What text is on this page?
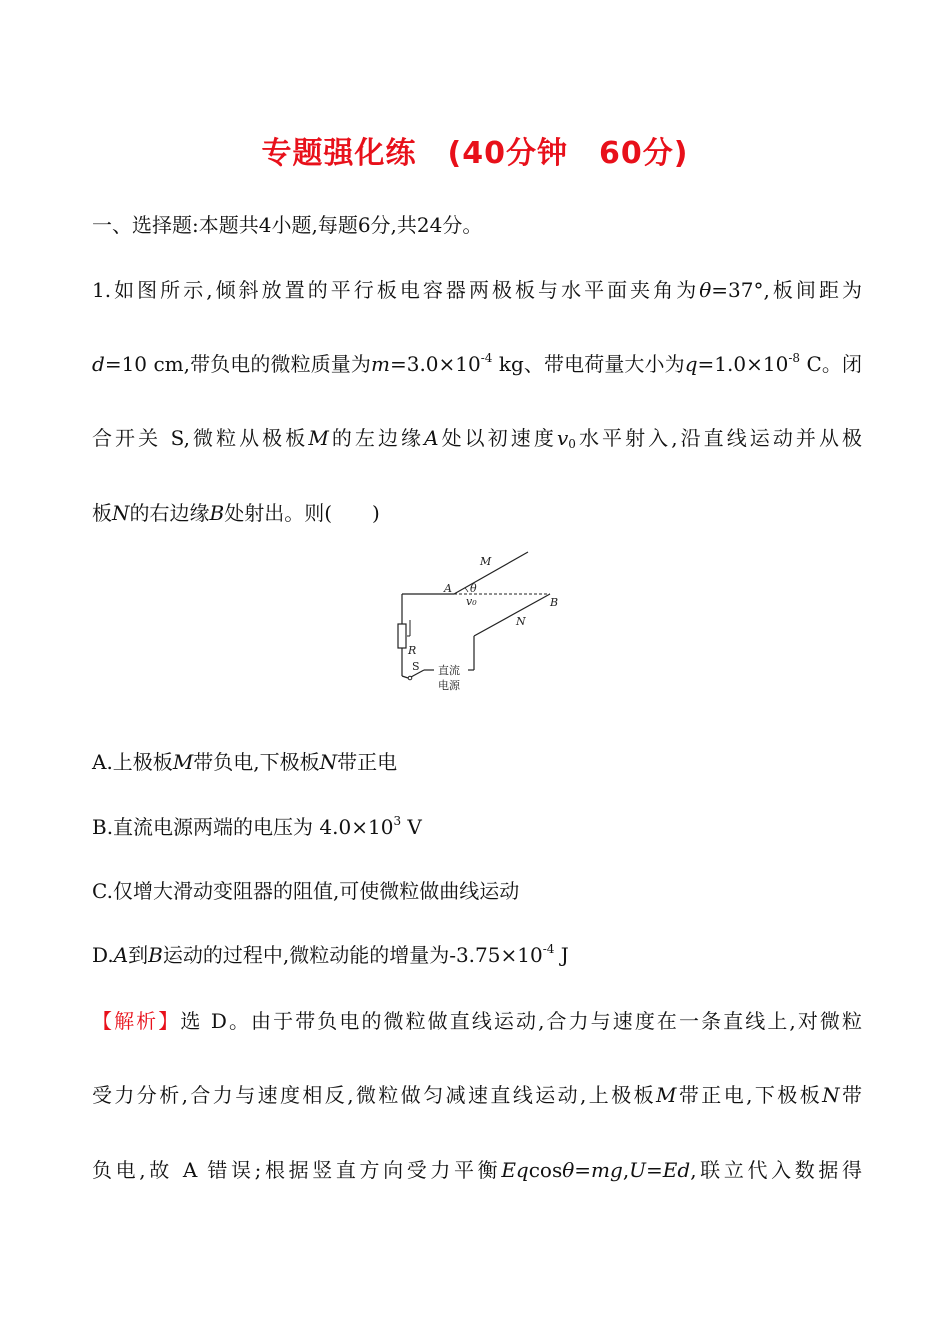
专题强化练　(40分钟　60分)
一、选择题:本题共4小题,每题6分,共24分。
1.如图所示,倾斜放置的平行板电容器两极板与水平面夹角为θ=37°,板间距为
d=10 cm,带负电的微粒质量为$m=3.0\times 10^{-4}$ kg、带电荷量大小为$q=1.0\times 10^{-8}$ C。闭
合开关 S,微粒从极板M的左边缘A处以初速度$v_0$水平射入,沿直线运动并从极
板N的右边缘B处射出。则(　　)
M
A θ
v₀	B
N
R
S 直流
电源
A.上极板M带负电,下极板N带正电
B.直流电源两端的电压为 $4.0\times 10^3$ V
C.仅增大滑动变阻器的阻值,可使微粒做曲线运动
D.A到B运动的过程中,微粒动能的增量为$-3.75\times 10^{-4}$ J
【解析】选 D。由于带负电的微粒做直线运动,合力与速度在一条直线上,对微粒
受力分析,合力与速度相反,微粒做匀减速直线运动,上极板M带正电,下极板N带
负电,故 A 错误;根据竖直方向受力平衡Eqcosθ=mg,U=Ed,联立代入数据得
